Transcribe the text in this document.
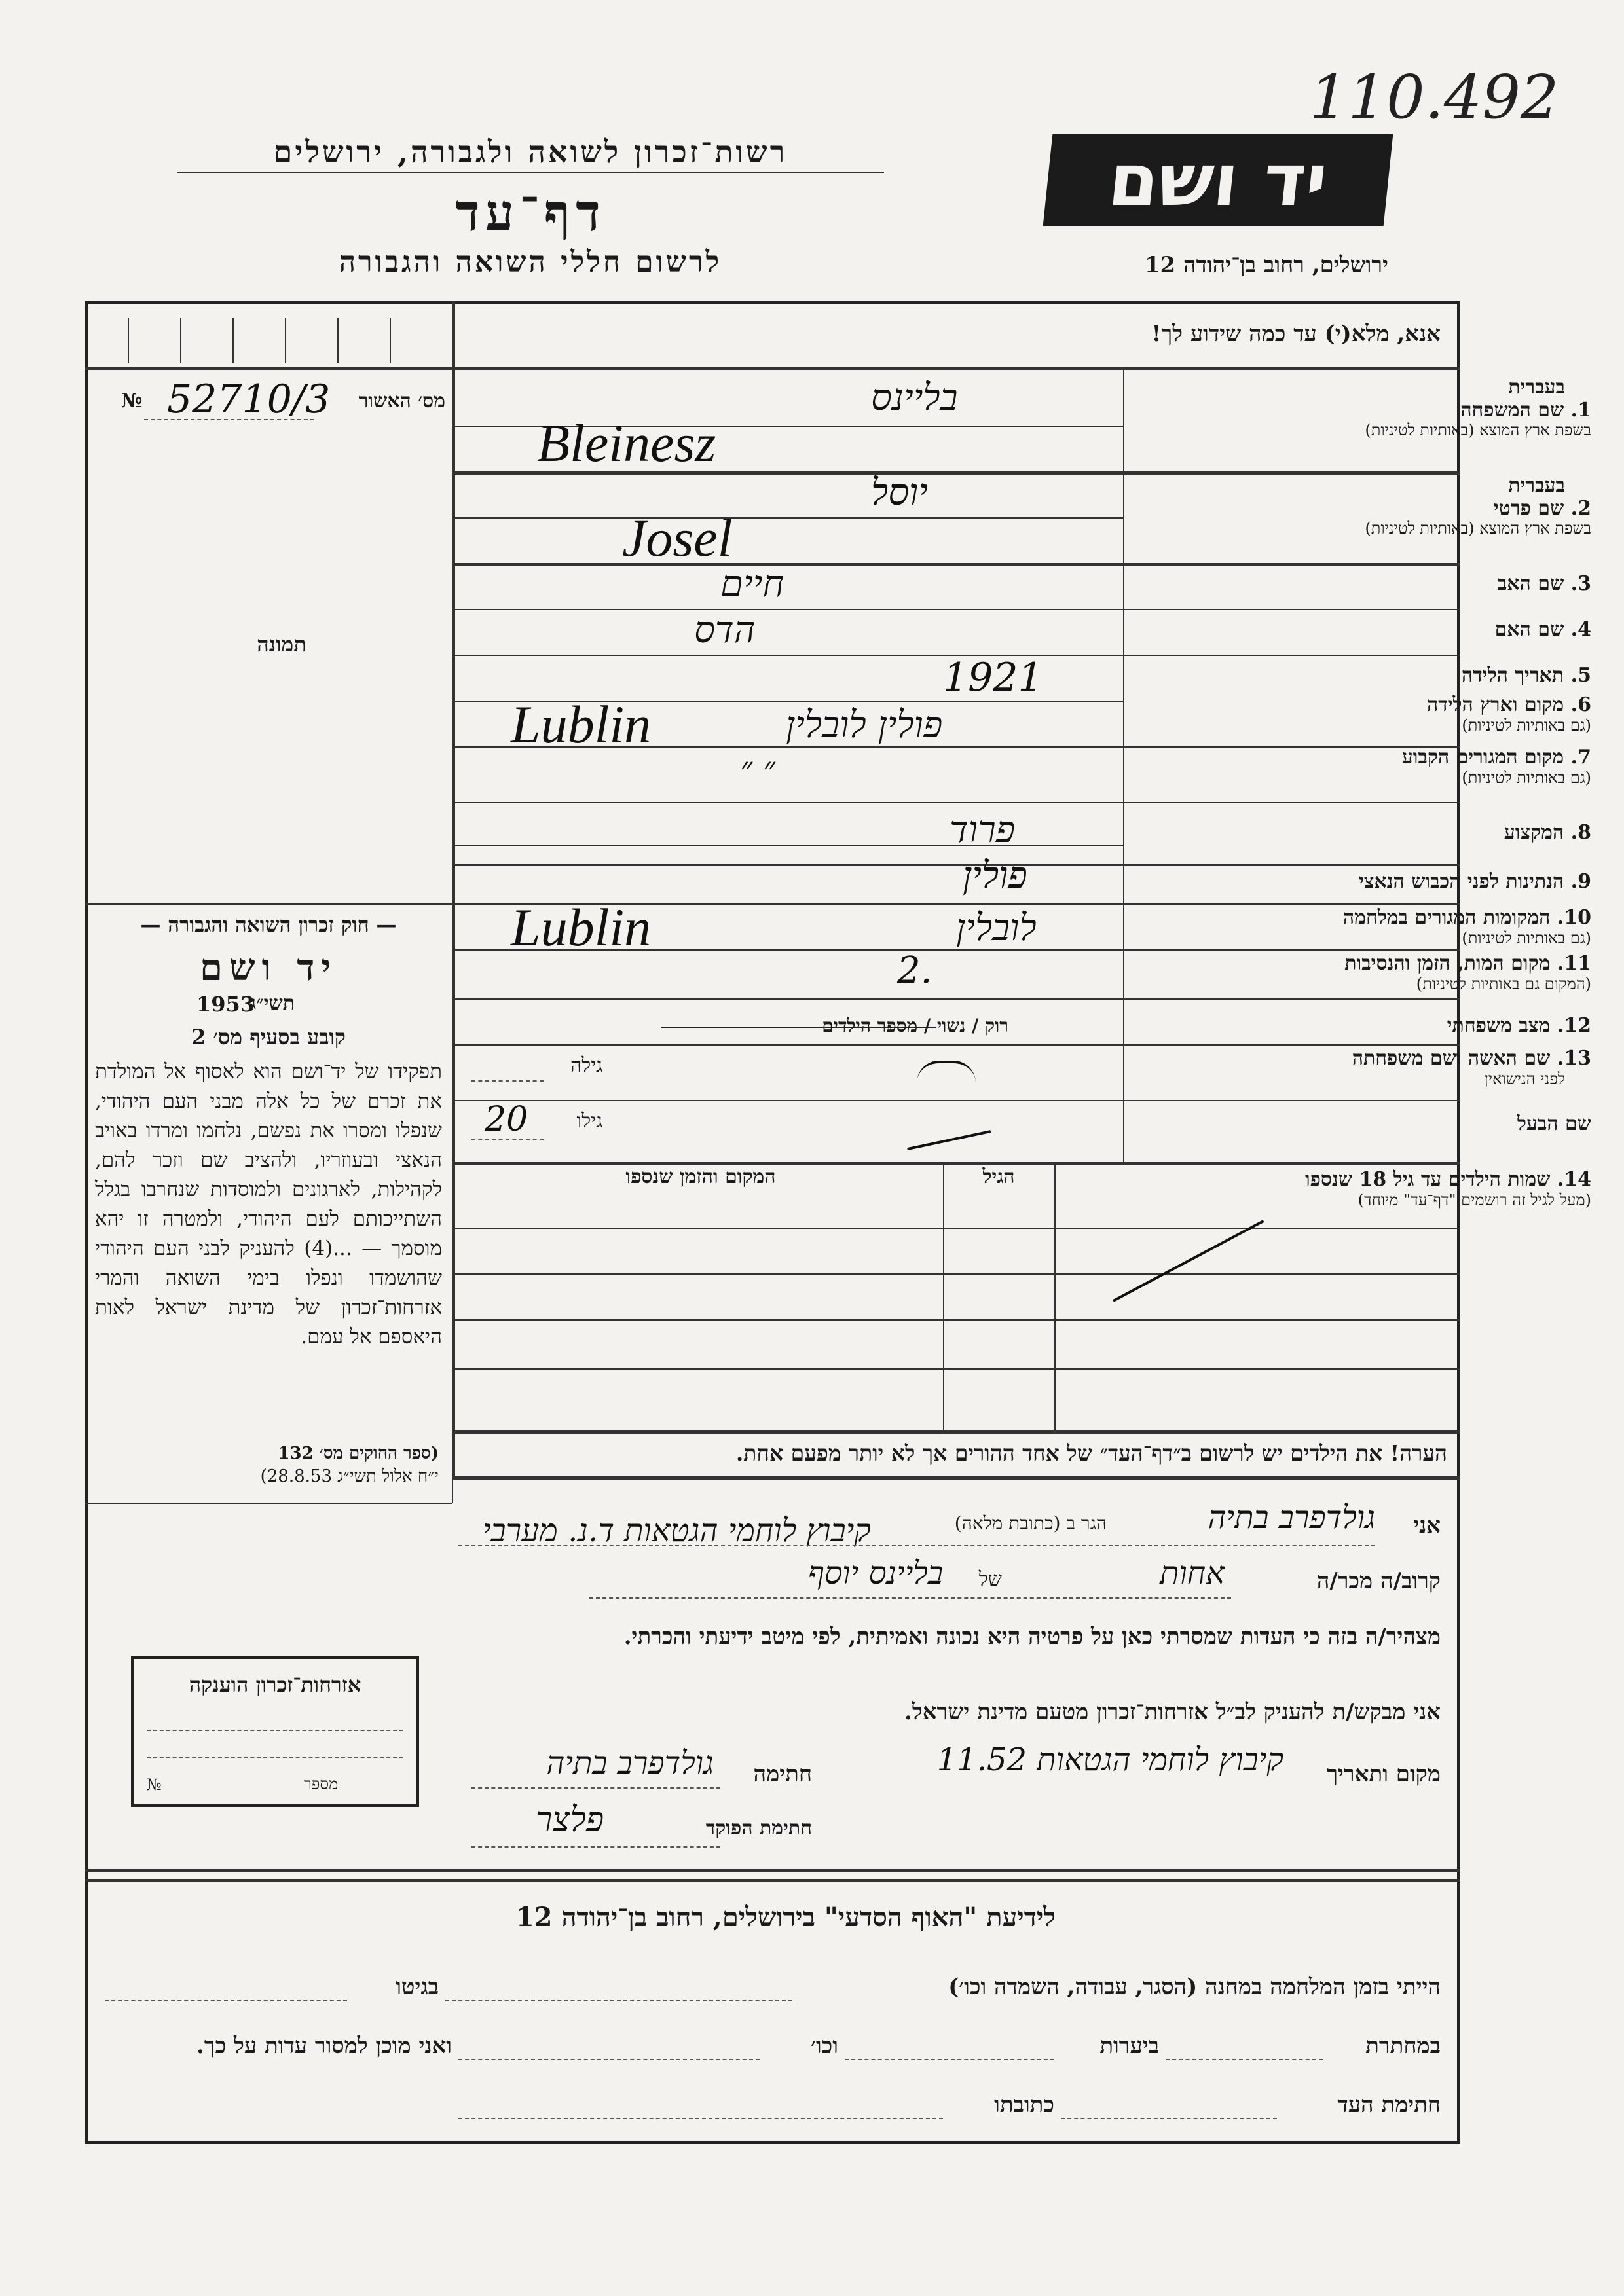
110.492
יד ושם
ירושלים, רחוב בן־יהודה 12
רשות־זכרון לשואה ולגבורה, ירושלים
דף־עד
לרשום חללי השואה והגבורה
אנא, מלא(י) עד כמה שידוע לך!
מס׳ האשור
52710/3
№
תמונה
בעברית
1. שם המשפחה
בשפת ארץ המוצא (באותיות לטיניות)
בליינס
Bleinesz
בעברית
2. שם פרטי
בשפת ארץ המוצא (באותיות לטיניות)
יוסל
Josel
3. שם האב
חיים
4. שם האם
הדס
5. תאריך הלידה
1921
6. מקום וארץ הלידה
(גם באותיות לטיניות)
פולין לובלין
Lublin
7. מקום המגורים הקבוע
(גם באותיות לטיניות)
״ ״
8. המקצוע
פרוד
9. הנתינות לפני הכבוש הנאצי
פולין
10. המקומות המגורים במלחמה
(גם באותיות לטיניות)
לובלין
Lublin
11. מקום המות, הזמן והנסיבות
(המקום גם באותיות לטיניות)
2.
12. מצב משפחתי
רוק / נשוי / מספר הילדים
13. שם האשה ושם משפחתה
לפני הנישואין
גילה
שם הבעל
גילו
20
14. שמות הילדים עד גיל 18 שנספו
(מעל לגיל זה רושמים "דף־עד" מיוחד)
הגיל
המקום והזמן שנספו
הערה! את הילדים יש לרשום ב״דף־העד״ של אחד ההורים אך לא יותר מפעם אחת.
— חוק זכרון השואה והגבורה —
יד ושם
תשי״ג
1953
קובע בסעיף מס׳ 2
תפקידו של יד־ושם הוא לאסוף אל המולדת את זכרם של כל אלה מבני העם היהודי, שנפלו ומסרו את נפשם, נלחמו ומרדו באויב הנאצי ובעוזריו, ולהציב שם וזכר להם, לקהילות, לארגונים ולמוסדות שנחרבו בגלל השתייכותם לעם היהודי, ולמטרה זו יהא מוסמך — ...(4) להעניק לבני העם היהודי שהושמדו ונפלו בימי השואה והמרי אזרחות־זכרון של מדינת ישראל לאות היאספם אל עמם.
(ספר החוקים מס׳ 132
י״ח אלול תשי״ג 28.8.53)
אני
גולדפרב בתיה
הגר ב (כתובת מלאה)
קיבוץ לוחמי הגטאות ד.נ. מערבי
קרוב/ה מכר/ה
אחות
של
בליינס יוסף
מצהיר/ה בזה כי העדות שמסרתי כאן על פרטיה היא נכונה ואמיתית, לפי מיטב ידיעתי והכרתי.
אני מבקש/ת להעניק לב״ל אזרחות־זכרון מטעם מדינת ישראל.
מקום ותאריך
קיבוץ לוחמי הגטאות 11.52
חתימה
גולדפרב בתיה
חתימת הפוקד
פלצר
אזרחות־זכרון הוענקה
№	מספר
לידיעת "האוף הסדעי" בירושלים, רחוב בן־יהודה 12
הייתי בזמן המלחמה במחנה (הסגר, עבודה, השמדה וכו׳)
בגיטו
במחתרת
ביערות
וכו׳
ואני מוכן למסור עדות על כך.
חתימת העד
כתובתו
